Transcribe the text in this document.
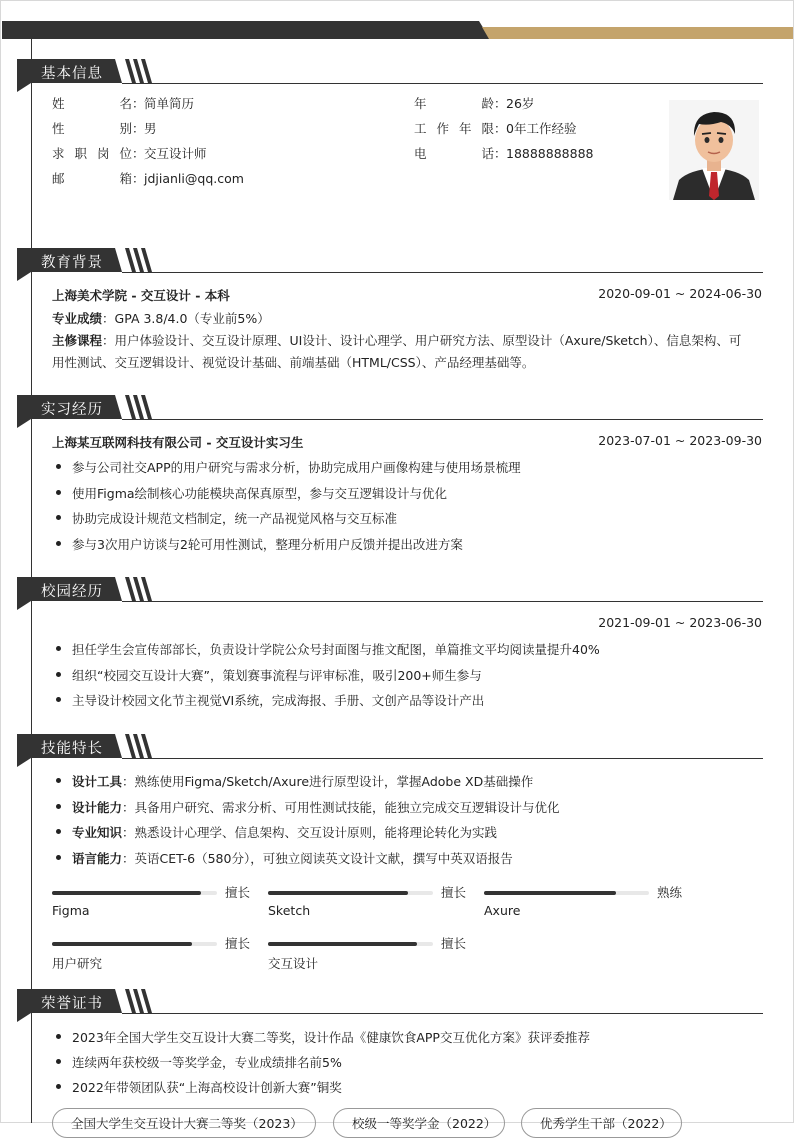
基本信息
姓	名 ： 简单简历
性	别 ： 男
求 职 岗 位 ： 交互设计师
邮	箱 ： jdjianli@qq.com
年	龄 ： 26岁
工 作 年 限 ： 0年工作经验
电	话 ： 18888888888
教育背景
上海美术学院 - 交互设计 - 本科	2020-09-01 ~ 2024-06-30
专业成绩：GPA 3.8/4.0（专业前5%）
主修课程：用户体验设计、交互设计原理、UI设计、设计心理学、用户研究方法、原型设计（Axure/Sketch）、信息架构、可
用性测试、交互逻辑设计、视觉设计基础、前端基础（HTML/CSS）、产品经理基础等。
实习经历
上海某互联网科技有限公司 - 交互设计实习生	2023-07-01 ~ 2023-09-30
参与公司社交APP的用户研究与需求分析，协助完成用户画像构建与使用场景梳理
使用Figma绘制核心功能模块高保真原型，参与交互逻辑设计与优化
协助完成设计规范文档制定，统一产品视觉风格与交互标准
参与3次用户访谈与2轮可用性测试，整理分析用户反馈并提出改进方案
校园经历
2021-09-01 ~ 2023-06-30
担任学生会宣传部部长，负责设计学院公众号封面图与推文配图，单篇推文平均阅读量提升40%
组织“校园交互设计大赛”，策划赛事流程与评审标准，吸引200+师生参与
主导设计校园文化节主视觉VI系统，完成海报、手册、文创产品等设计产出
技能特长
设计工具：熟练使用Figma/Sketch/Axure进行原型设计，掌握Adobe XD基础操作
设计能力：具备用户研究、需求分析、可用性测试技能，能独立完成交互逻辑设计与优化
专业知识：熟悉设计心理学、信息架构、交互设计原则，能将理论转化为实践
语言能力：英语CET-6（580分），可独立阅读英文设计文献，撰写中英双语报告
擅长
Figma
擅长
Sketch
熟练
Axure
擅长
用户研究
擅长
交互设计
荣誉证书
2023年全国大学生交互设计大赛二等奖，设计作品《健康饮食APP交互优化方案》获评委推荐
连续两年获校级一等奖学金，专业成绩排名前5%
2022年带领团队获“上海高校设计创新大赛”铜奖
全国大学生交互设计大赛二等奖（2023）	校级一等奖学金（2022）	优秀学生干部（2022）
